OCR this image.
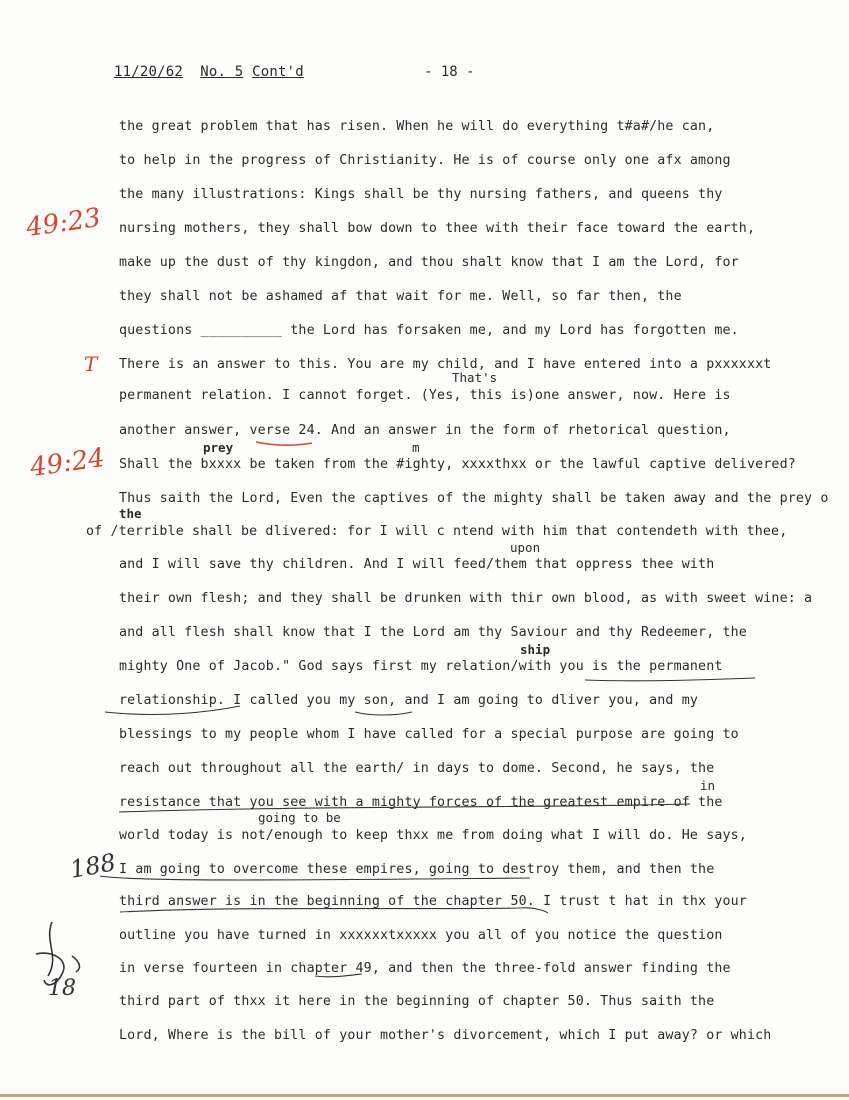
11/20/62 No. 5 Cont'd	- 18 -
49:23
T
49:24
188
18
That's
prey	m
the
upon
ship
in
going to be
the great problem that has risen. When he will do everything t#a#/he can,
to help in the progress of Christianity. He is of course only one afx among
the many illustrations: Kings shall be thy nursing fathers, and queens thy
nursing mothers, they shall bow down to thee with their face toward the earth,
make up the dust of thy kingdon, and thou shalt know that I am the Lord, for
they shall not be ashamed af that wait for me. Well, so far then, the
questions __________ the Lord has forsaken me, and my Lord has forgotten me.
There is an answer to this. You are my child, and I have entered into a pxxxxxxt
permanent relation. I cannot forget. (Yes, this is)one answer, now. Here is
another answer, verse 24. And an answer in the form of rhetorical question,
Shall the bxxxx be taken from the #ighty, xxxxthxx or the lawful captive delivered?
Thus saith the Lord, Even the captives of the mighty shall be taken away and the prey o
of /terrible shall be dlivered: for I will c ntend with him that contendeth with thee,
and I will save thy children. And I will feed/them that oppress thee with
their own flesh; and they shall be drunken with thir own blood, as with sweet wine: a
and all flesh shall know that I the Lord am thy Saviour and thy Redeemer, the
mighty One of Jacob." God says first my relation/with you is the permanent
relationship. I called you my son, and I am going to dliver you, and my
blessings to my people whom I have called for a special purpose are going to
reach out throughout all the earth/ in days to dome. Second, he says, the
resistance that you see with a mighty forces of the greatest empire of the
world today is not/enough to keep thxx me from doing what I will do. He says,
I am going to overcome these empires, going to destroy them, and then the
third answer is in the beginning of the chapter 50. I trust t hat in thx your
outline you have turned in xxxxxxtxxxxx you all of you notice the question
in verse fourteen in chapter 49, and then the three-fold answer finding the
third part of thxx it here in the beginning of chapter 50. Thus saith the
Lord, Where is the bill of your mother's divorcement, which I put away? or which
